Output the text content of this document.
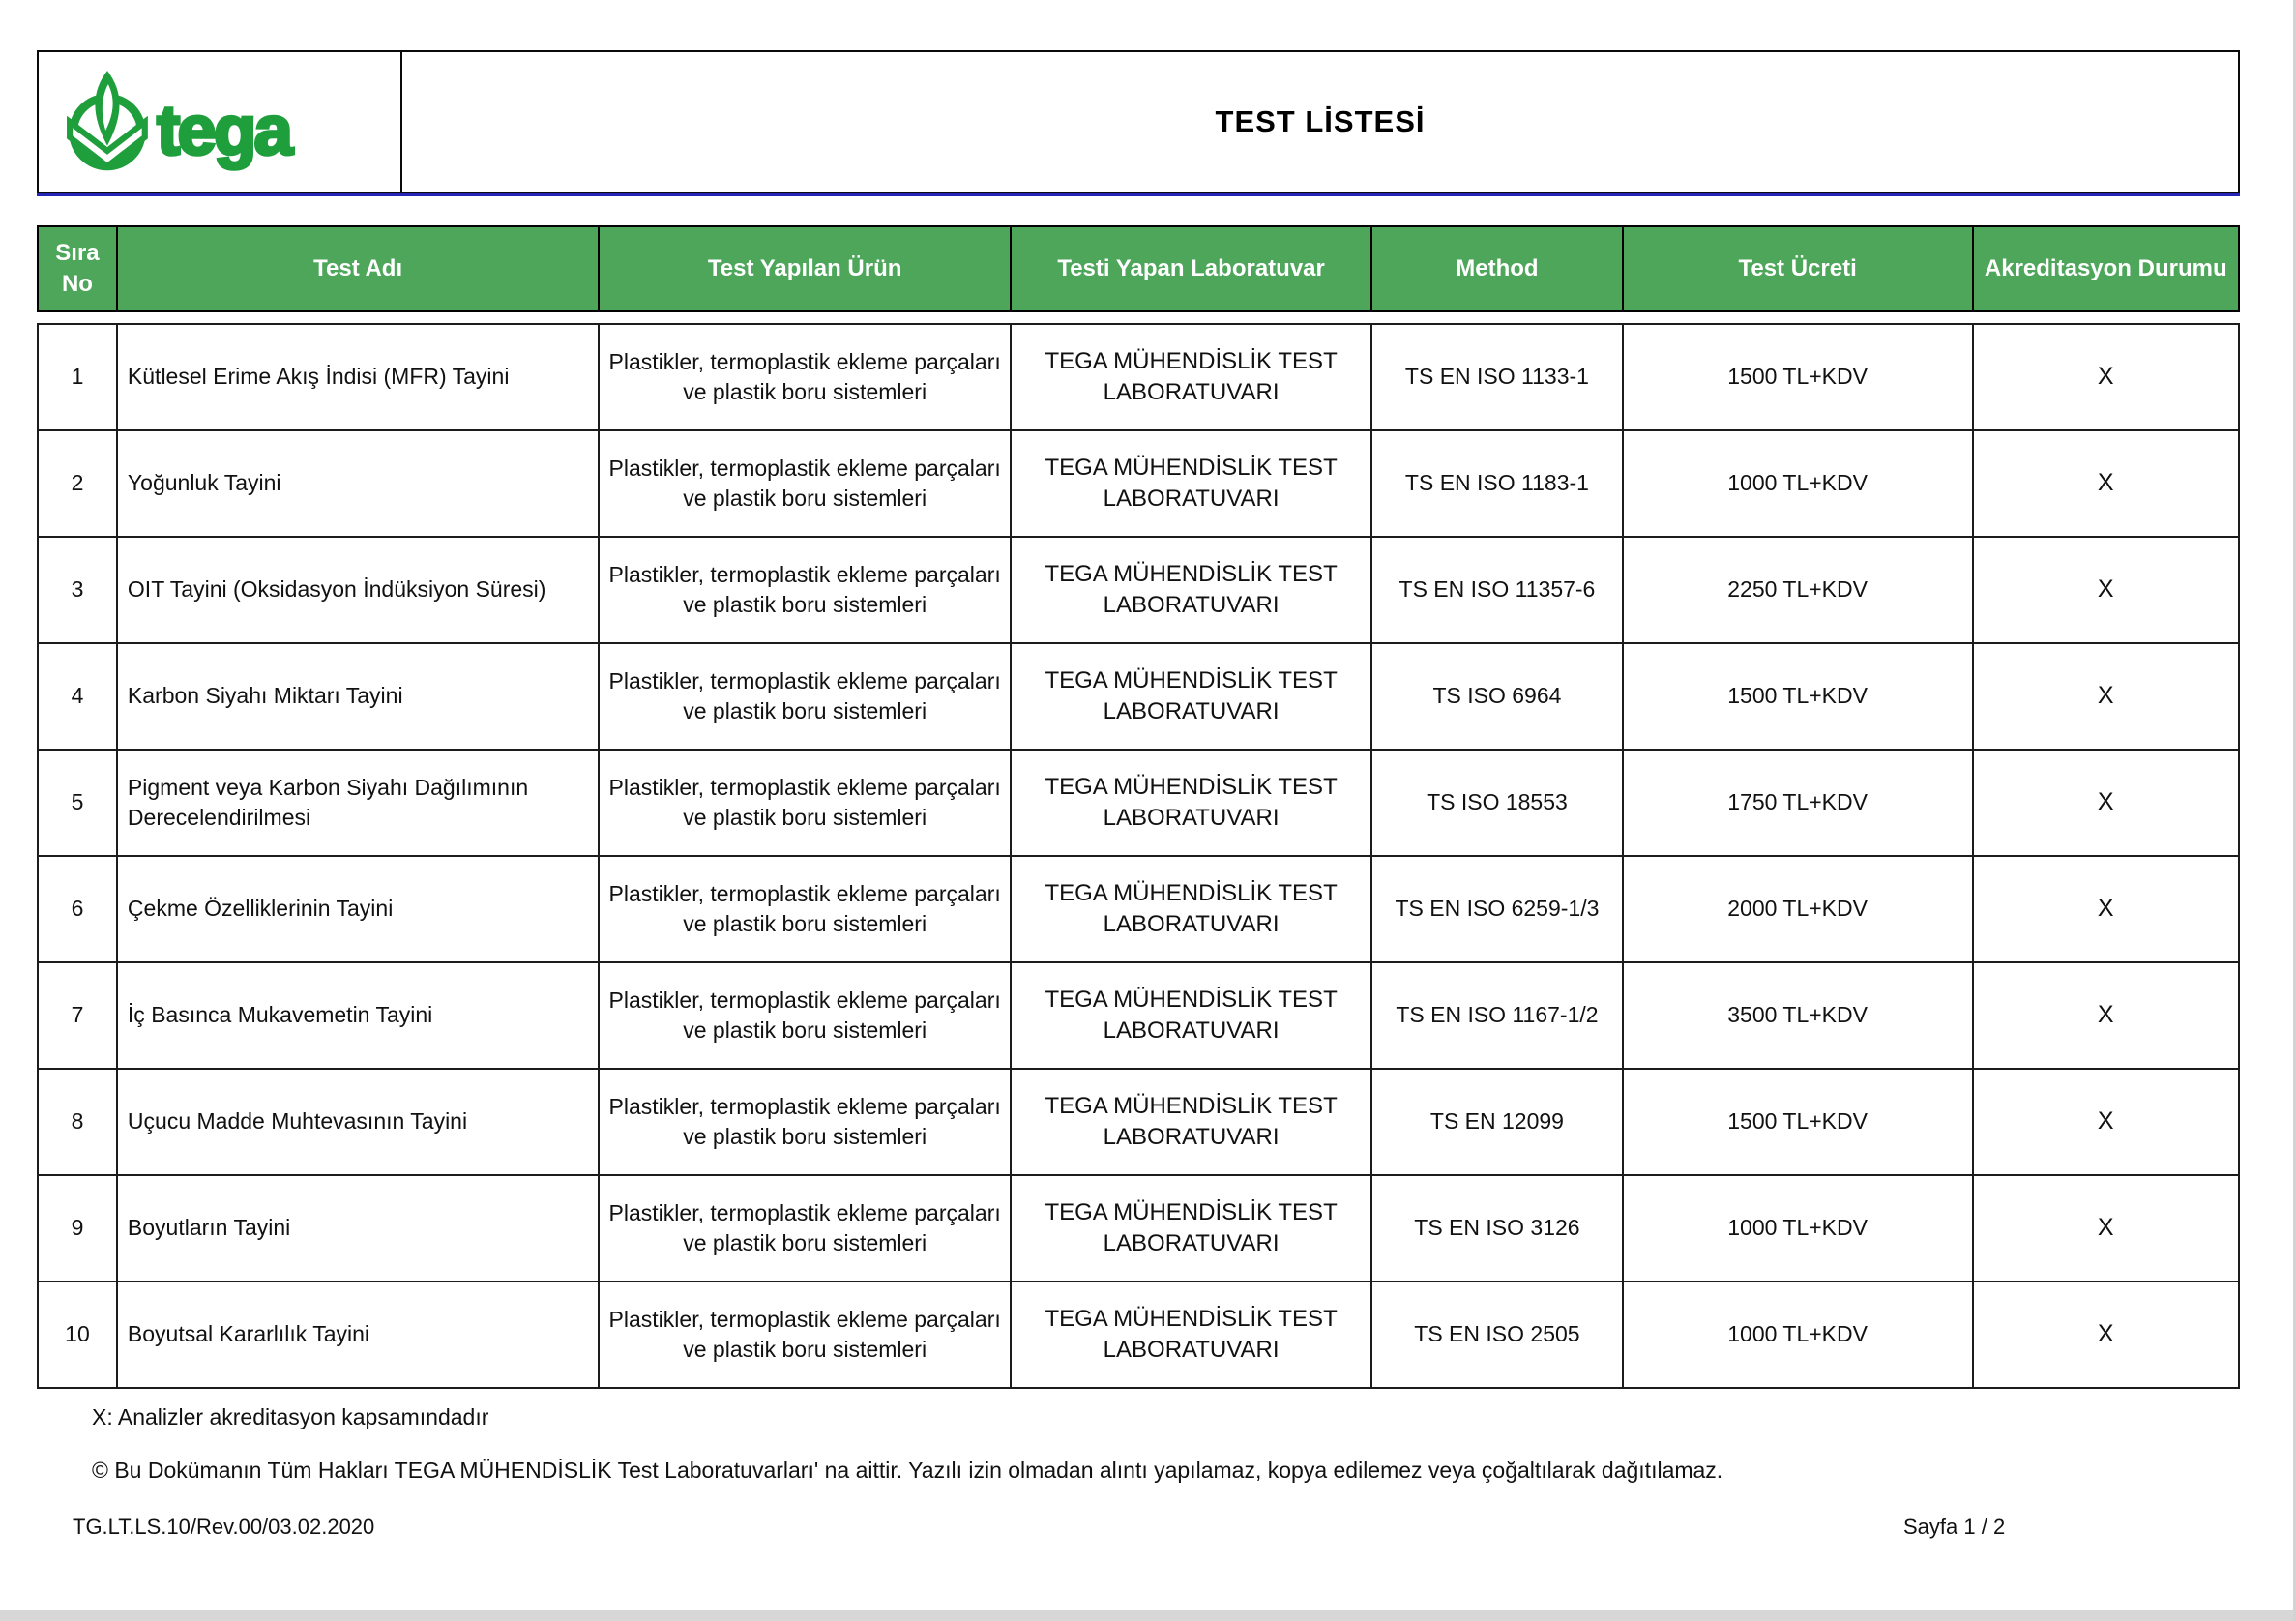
tega	TEST LİSTESİ
Sıra No	Test Adı	Test Yapılan Ürün	Testi Yapan Laboratuvar	Method	Test Ücreti	Akreditasyon Durumu
1	Kütlesel Erime Akış İndisi (MFR) Tayini	Plastikler, termoplastik ekleme parçaları ve plastik boru sistemleri	TEGA MÜHENDİSLİK TEST LABORATUVARI	TS EN ISO 1133-1	1500 TL+KDV	X
2	Yoğunluk Tayini	Plastikler, termoplastik ekleme parçaları ve plastik boru sistemleri	TEGA MÜHENDİSLİK TEST LABORATUVARI	TS EN ISO 1183-1	1000 TL+KDV	X
3	OIT Tayini (Oksidasyon İndüksiyon Süresi)	Plastikler, termoplastik ekleme parçaları ve plastik boru sistemleri	TEGA MÜHENDİSLİK TEST LABORATUVARI	TS EN ISO 11357-6	2250 TL+KDV	X
4	Karbon Siyahı Miktarı Tayini	Plastikler, termoplastik ekleme parçaları ve plastik boru sistemleri	TEGA MÜHENDİSLİK TEST LABORATUVARI	TS ISO 6964	1500 TL+KDV	X
5	Pigment veya Karbon Siyahı Dağılımının Derecelendirilmesi	Plastikler, termoplastik ekleme parçaları ve plastik boru sistemleri	TEGA MÜHENDİSLİK TEST LABORATUVARI	TS ISO 18553	1750 TL+KDV	X
6	Çekme Özelliklerinin Tayini	Plastikler, termoplastik ekleme parçaları ve plastik boru sistemleri	TEGA MÜHENDİSLİK TEST LABORATUVARI	TS EN ISO 6259-1/3	2000 TL+KDV	X
7	İç Basınca Mukavemetin Tayini	Plastikler, termoplastik ekleme parçaları ve plastik boru sistemleri	TEGA MÜHENDİSLİK TEST LABORATUVARI	TS EN ISO 1167-1/2	3500 TL+KDV	X
8	Uçucu Madde Muhtevasının Tayini	Plastikler, termoplastik ekleme parçaları ve plastik boru sistemleri	TEGA MÜHENDİSLİK TEST LABORATUVARI	TS EN 12099	1500 TL+KDV	X
9	Boyutların Tayini	Plastikler, termoplastik ekleme parçaları ve plastik boru sistemleri	TEGA MÜHENDİSLİK TEST LABORATUVARI	TS EN ISO 3126	1000 TL+KDV	X
10	Boyutsal Kararlılık Tayini	Plastikler, termoplastik ekleme parçaları ve plastik boru sistemleri	TEGA MÜHENDİSLİK TEST LABORATUVARI	TS EN ISO 2505	1000 TL+KDV	X
X: Analizler akreditasyon kapsamındadır
© Bu Dokümanın Tüm Hakları TEGA MÜHENDİSLİK Test Laboratuvarları' na aittir. Yazılı izin olmadan alıntı yapılamaz, kopya edilemez veya çoğaltılarak dağıtılamaz.
TG.LT.LS.10/Rev.00/03.02.2020	Sayfa 1 / 2
